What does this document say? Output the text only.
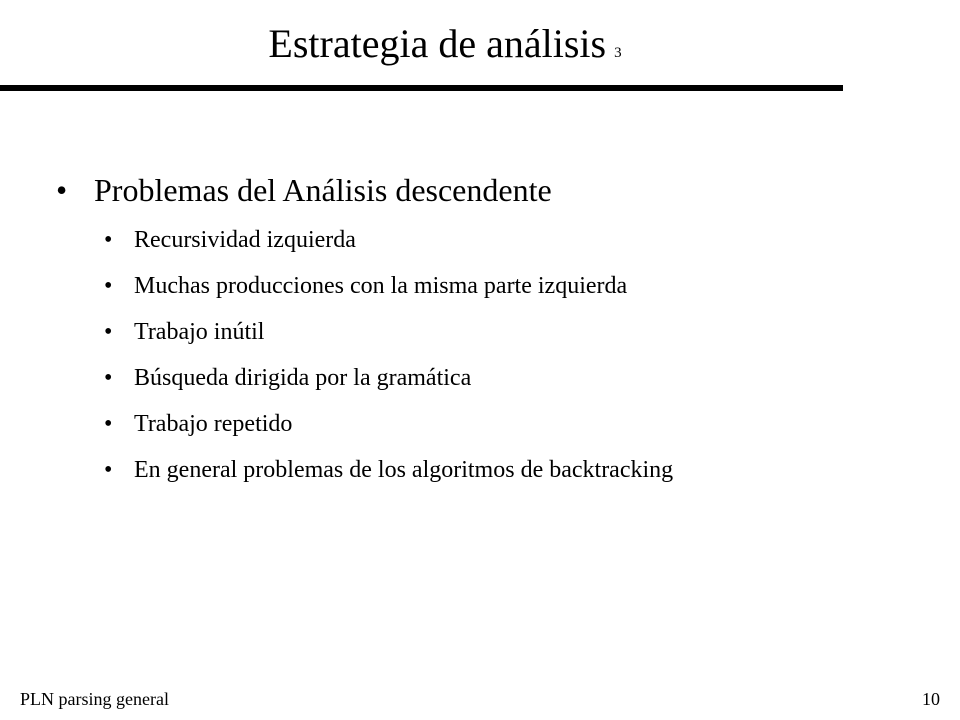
Estrategia de análisis 3
• Problemas del Análisis descendente
• Recursividad izquierda
• Muchas producciones con la misma parte izquierda
• Trabajo inútil
• Búsqueda dirigida por la gramática
• Trabajo repetido
• En general problemas de los algoritmos de backtracking
PLN parsing general	10
